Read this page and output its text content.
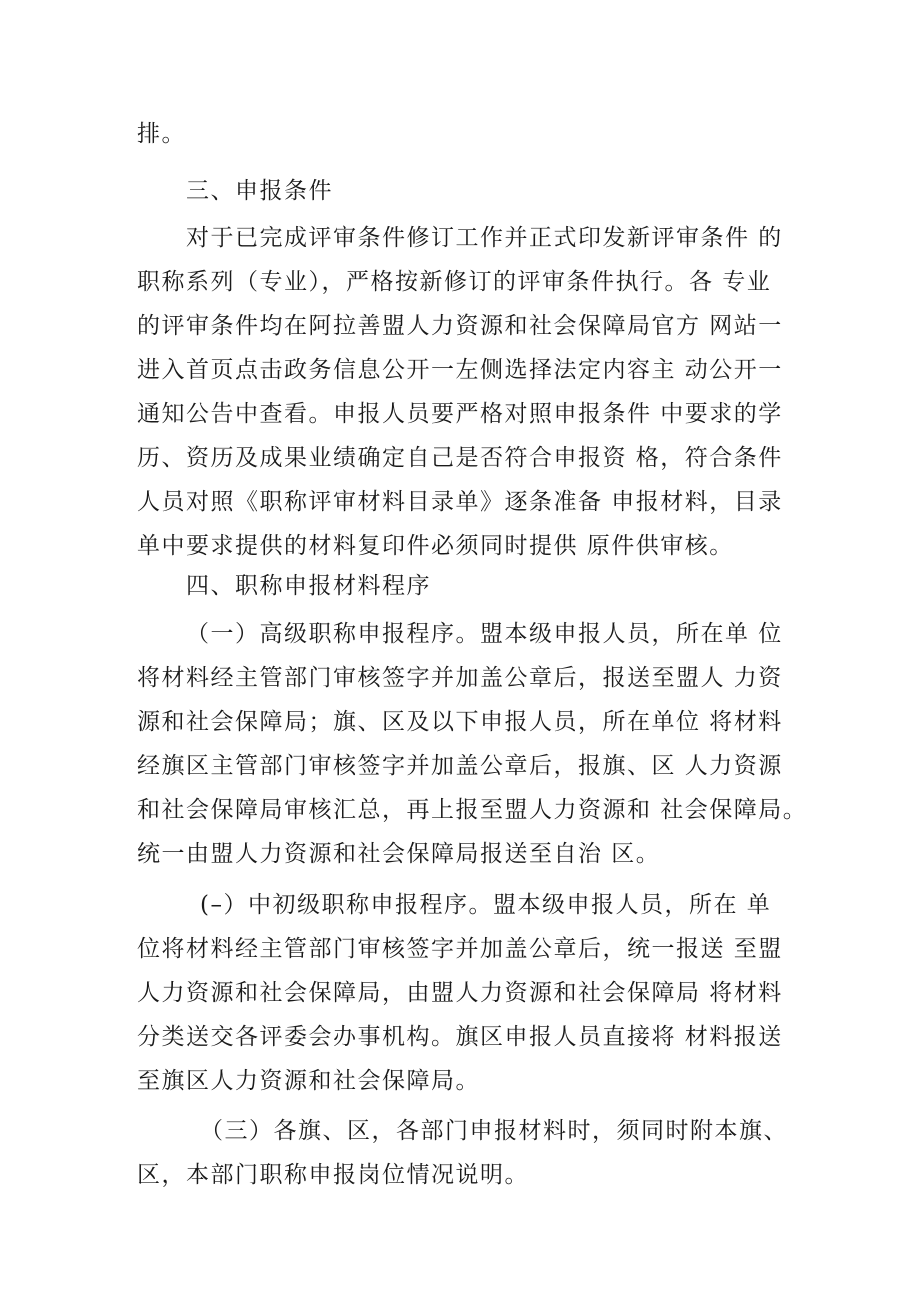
排。
三、申报条件
对于已完成评审条件修订工作并正式印发新评审条件 的
职称系列（专业），严格按新修订的评审条件执行。各 专业
的评审条件均在阿拉善盟人力资源和社会保障局官方 网站一
进入首页点击政务信息公开一左侧选择法定内容主 动公开一
通知公告中查看。申报人员要严格对照申报条件 中要求的学
历、资历及成果业绩确定自己是否符合申报资 格，符合条件
人员对照《职称评审材料目录单》逐条准备 申报材料，目录
单中要求提供的材料复印件必须同时提供 原件供审核。
四、职称申报材料程序
（一）高级职称申报程序。盟本级申报人员，所在单 位
将材料经主管部门审核签字并加盖公章后，报送至盟人 力资
源和社会保障局；旗、区及以下申报人员，所在单位 将材料
经旗区主管部门审核签字并加盖公章后，报旗、区 人力资源
和社会保障局审核汇总，再上报至盟人力资源和 社会保障局。
统一由盟人力资源和社会保障局报送至自治 区。
(–）中初级职称申报程序。盟本级申报人员，所在 单
位将材料经主管部门审核签字并加盖公章后，统一报送 至盟
人力资源和社会保障局，由盟人力资源和社会保障局 将材料
分类送交各评委会办事机构。旗区申报人员直接将 材料报送
至旗区人力资源和社会保障局。
（三）各旗、区，各部门申报材料时，须同时附本旗、
区，本部门职称申报岗位情况说明。
